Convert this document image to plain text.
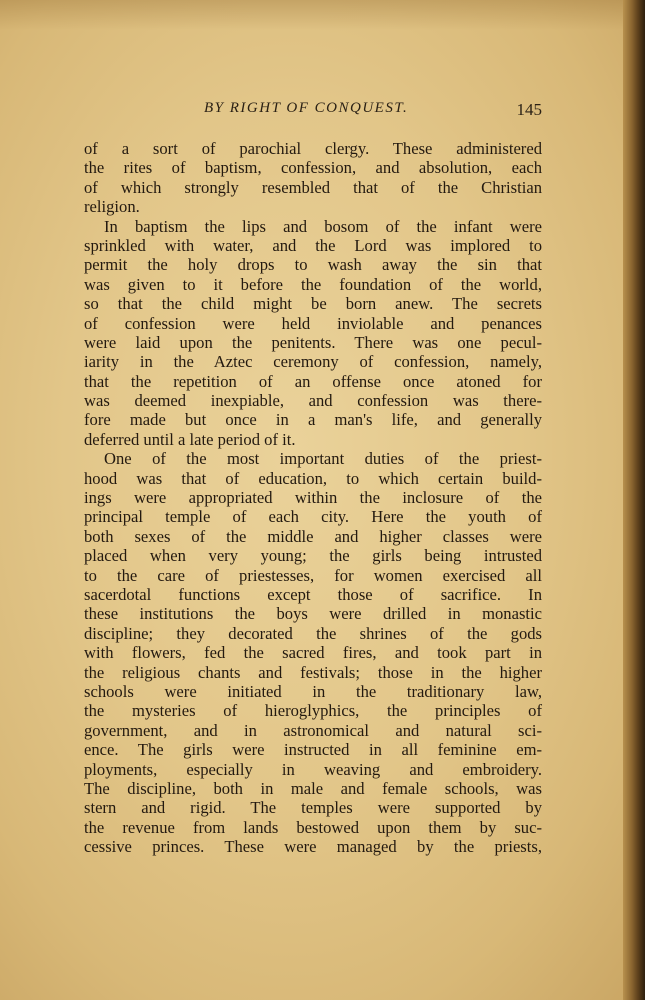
BY RIGHT OF CONQUEST.	145
of a sort of parochial clergy. These administered
the rites of baptism, confession, and absolution, each
of which strongly resembled that of the Christian
religion.
In baptism the lips and bosom of the infant were
sprinkled with water, and the Lord was implored to
permit the holy drops to wash away the sin that
was given to it before the foundation of the world,
so that the child might be born anew. The secrets
of confession were held inviolable and penances
were laid upon the penitents. There was one pecul-
iarity in the Aztec ceremony of confession, namely,
that the repetition of an offense once atoned for
was deemed inexpiable, and confession was there-
fore made but once in a man's life, and generally
deferred until a late period of it.
One of the most important duties of the priest-
hood was that of education, to which certain build-
ings were appropriated within the inclosure of the
principal temple of each city. Here the youth of
both sexes of the middle and higher classes were
placed when very young; the girls being intrusted
to the care of priestesses, for women exercised all
sacerdotal functions except those of sacrifice. In
these institutions the boys were drilled in monastic
discipline; they decorated the shrines of the gods
with flowers, fed the sacred fires, and took part in
the religious chants and festivals; those in the higher
schools were initiated in the traditionary law,
the mysteries of hieroglyphics, the principles of
government, and in astronomical and natural sci-
ence. The girls were instructed in all feminine em-
ployments, especially in weaving and embroidery.
The discipline, both in male and female schools, was
stern and rigid. The temples were supported by
the revenue from lands bestowed upon them by suc-
cessive princes. These were managed by the priests,
